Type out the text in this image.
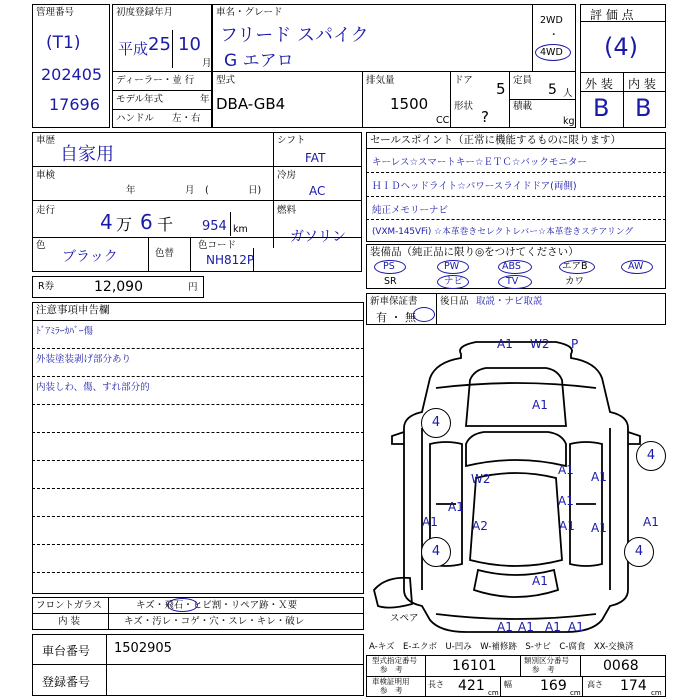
管理番号
(T1)
202405
17696
初度登録年月
平成 25 10
月
ディーラー・並 行
モデル年式	年
ハンドル 左・右
車名・グレード
フリード スパイク
G エアロ
2WD
・
4WD
型式
DBA-GB4
排気量
1500
CC
ドア 5
形状
?
定員
5 人
積載
kg
評 価 点
(4)
外 装 内 装
B B
車歴
自家用
シフト
FAT
車検
年	月 (	日)
冷房
AC
走行 4 万 6 千 954 km
燃料
ガソリン
色
ブラック	色替
色コード
NH812P
R券	12,090	円
セールスポイント（正常に機能するものに限ります）
キーレス☆スマートキー☆ＥＴＣ☆バックモニター
ＨＩＤヘッドライト☆パワースライドドア(両側)
純正メモリーナビ
(VXM-145VFi) ☆本革巻きセレクトレバー☆本革巻きステアリング
装備品（純正品に限り◎をつけてください）
PS	PW	ABS	エアB	AW
SR	ナビ	TV	カワ
新車保証書
有 ・ 無
後日品 取説・ナビ取説
注意事項申告欄
ﾄﾞｱﾐﾗｰｶﾊﾞｰ傷
外装塗装剥げ部分あり
内装しわ、傷、すれ部分的
フロントガラス	キズ・飛石・ヒビ割・リペア跡・Ｘ要
内 装	キズ・汚レ・コゲ・穴・スレ・キレ・破レ
車台番号 1502905
登録番号
A1 W2 P
A1
A1 A1
W2
A1	A1
A2	A1
A1	A1	A1
A1
A1 A1 A1 A1
4
4
4	4
スペア
A-キズ　E-エクボ　U-凹み　W-補修跡　S-サビ　C-腐食　XX-交換済
型式指定番号
参　考	16101	類別区分番号
参　考	0068
車検証明用
参　考
長さ 421 cm
幅 169 cm
高さ 174 cm
